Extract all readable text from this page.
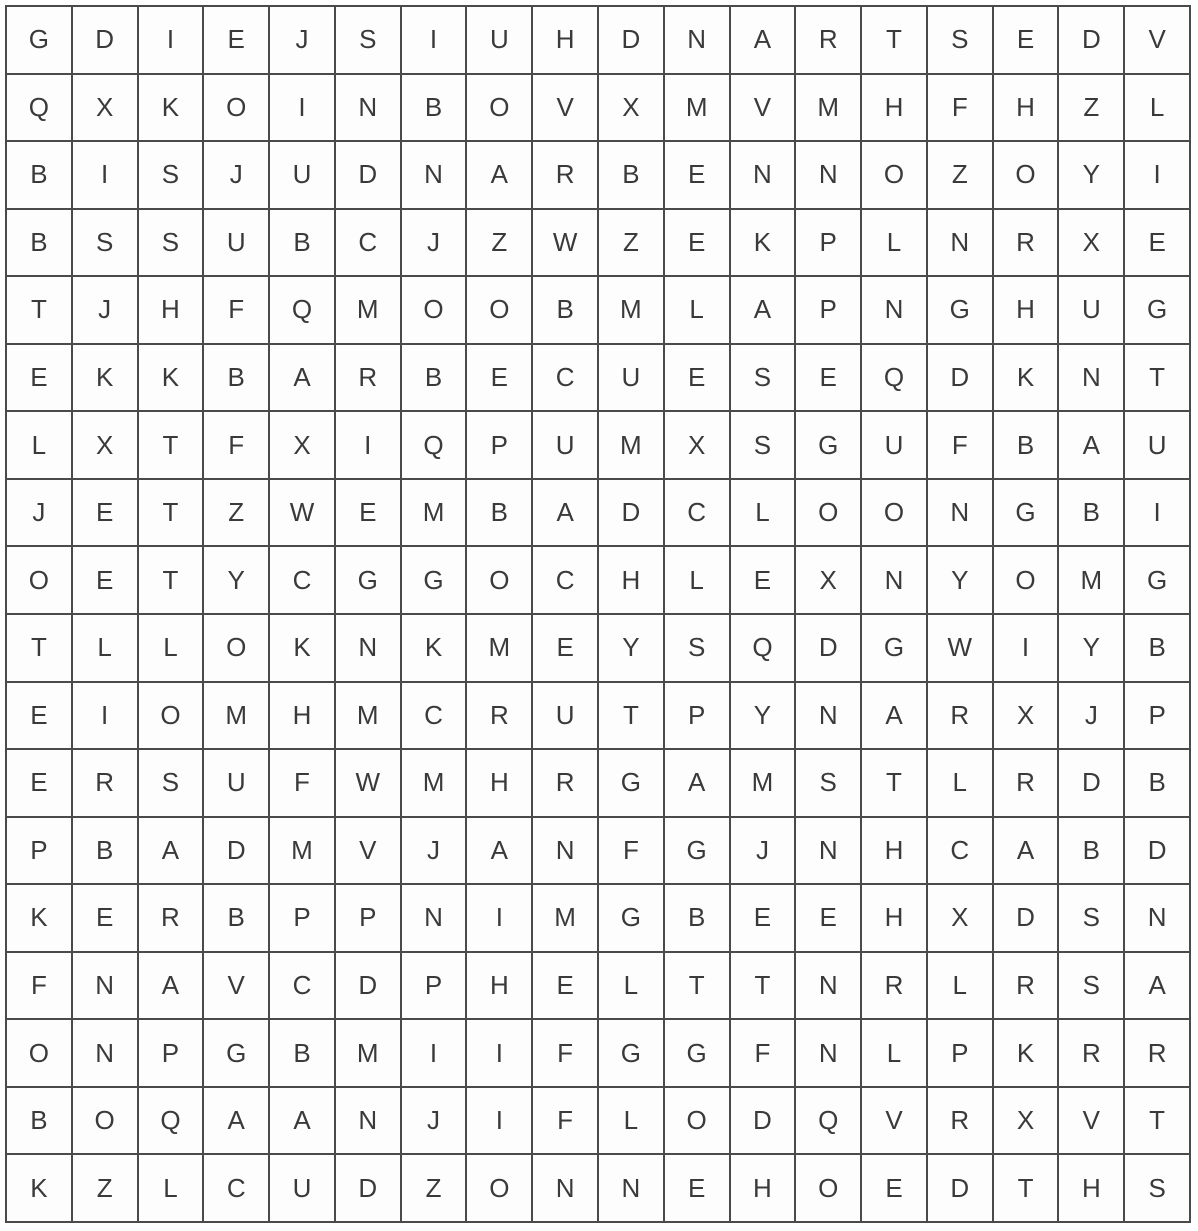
G	D	I	E	J	S	I	U	H	D	N	A	R	T	S	E	D	V
Q	X	K	O	I	N	B	O	V	X	M	V	M	H	F	H	Z	L
B	I	S	J	U	D	N	A	R	B	E	N	N	O	Z	O	Y	I
B	S	S	U	B	C	J	Z	W	Z	E	K	P	L	N	R	X	E
T	J	H	F	Q	M	O	O	B	M	L	A	P	N	G	H	U	G
E	K	K	B	A	R	B	E	C	U	E	S	E	Q	D	K	N	T
L	X	T	F	X	I	Q	P	U	M	X	S	G	U	F	B	A	U
J	E	T	Z	W	E	M	B	A	D	C	L	O	O	N	G	B	I
O	E	T	Y	C	G	G	O	C	H	L	E	X	N	Y	O	M	G
T	L	L	O	K	N	K	M	E	Y	S	Q	D	G	W	I	Y	B
E	I	O	M	H	M	C	R	U	T	P	Y	N	A	R	X	J	P
E	R	S	U	F	W	M	H	R	G	A	M	S	T	L	R	D	B
P	B	A	D	M	V	J	A	N	F	G	J	N	H	C	A	B	D
K	E	R	B	P	P	N	I	M	G	B	E	E	H	X	D	S	N
F	N	A	V	C	D	P	H	E	L	T	T	N	R	L	R	S	A
O	N	P	G	B	M	I	I	F	G	G	F	N	L	P	K	R	R
B	O	Q	A	A	N	J	I	F	L	O	D	Q	V	R	X	V	T
K	Z	L	C	U	D	Z	O	N	N	E	H	O	E	D	T	H	S
